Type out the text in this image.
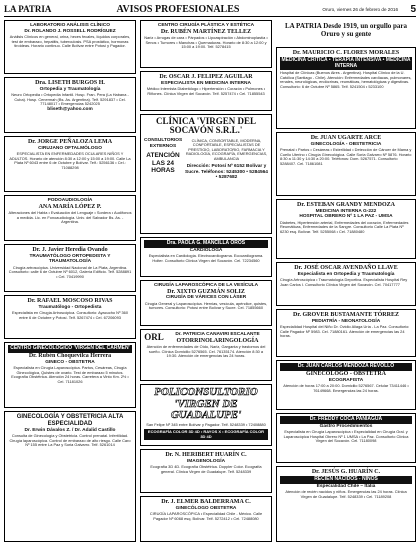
LA PATRIA	AVISOS PROFESIONALES	Oruro, viernes 26 de febrero de 2016	5
LABORATORIO ANÁLISIS CLÍNICO
Dr. ROLANDO J. ROSSELL RODRÍGUEZ
Análisis Clínicos en general, orina, heces fecales, líquidos corporales, test de embarazo, hepatitis, tuberculosis. PSA prostático, hormonas tiroideas. Horario continuo. Calle Bolívar entre Potosí y Pagador.
Dra. LISETH BURGOS H.
Ortopedia y Traumatología
Neuro Ortopedia • Ortopedia Infantil. Hosp. Fran. Pera (La Habana - Cuba). Hosp. Cenermah (Bs. As. Argentina). Telf. 5291837 • Cel. 77148017 • Emergencias 5242025
bliseth@yahoo.com
Dr. JORGE PEÑALOZA LEMA
CIRUJANO OFTALMÓLOGO
ESPECIALISTA EN ENFERMEDADES OCULARES NIÑOS Y ADULTOS. Horario de atención 8:30 a 12:00 y 15:00 a 19:00. Calle La Plata Nº 6043 entre 6 de Octubre y Bolívar. Telf.: 5256136 • Cel.: 71088298
PODOAUDIOLOGÍA
ANA MARÍA LÓPEZ P.
Alteraciones del Habla • Evaluación del Lenguaje • Sordera • Audífonos a medida. Lic. en Fonoaudiología. Univ. del Salvador Bs. As. - Argentina.
Dr. J. Javier Heredia Ovando
TRAUMATÓLOGO ORTOPEDISTA Y TRAUMATOLOGÍA
Cirugía artroscópica. Universidad Nacional de La Plata, Argentina. Consultorio: calle 6 de Octubre Nº 6012, Galería Edificio. Telf. 5288891 • Cel. 70419990
Dr. RAFAEL MOSCOSO RIVAS
Traumatólogo - Ortopedista
Especialista en Cirugía Artroscópica. Consultorio: Ayacucho Nº 360 entre 6 de Octubre y Potosí. Telf. 5267474 • Cel. 67206093
CENTRO GINECOLÓGICO 'VIRGEN DEL CARMEN'
Dr. Rubén Choquevilca Herrera
GINECO - OBSTETRA
Especialista en Cirugía Laparoscópica. Partos, Cesáreas, Cirugía Ginecológica, Quistes de ovario. Test de embarazo 5 minutos. Ecografía Obstétrica. Atención 24 horas. Carretera a Vinto Km. 2½ • Cel. 71181026
GINECOLOGÍA Y OBSTETRICIA ALTA ESPECIALIDAD
Dr. Erwin Dávalos Z. / Dr. Adalid Castillo
Consulta de Ginecología y Obstetricia. Control prenatal. Infertilidad. Cirugía laparoscópica. Control de embarazo de alto riesgo. Calle Caro Nº 155 entre La Paz y Soria Galvarro. Telf. 5261014
CENTRO CIRUGÍA PLÁSTICA Y ESTÉTICA
Dr. RUBÉN MARTÍNEZ TELLEZ
Nariz • Arrugas de cara • Párpados • Lipoaspiración • Abdominoplastía • Senos • Tumores • Manchas • Quemaduras. Horario de 8:30 a 12:00 y 15:00 a 19:00. Telf. 5278415
Dr. OSCAR J. FELIPEZ AGUILAR
ESPECIALISTA EN MEDICINA INTERNA
Médico Internista Diabetólogo • Hipertensión • Corazón • Pulmones • Riñones. Clínica Virgen del Socavón. Telf. 5257474 • Cel. 71855543
CLÍNICA 'VIRGEN DEL SOCAVÓN S.R.L.'
CONSULTORIOS EXTERNOS
ATENCIÓN LAS 24 HORAS
CLÍNICA, CONSORTABLE, MODERNA, CONFORTABLE, ESPECIALISTAS DE PRESTIGIO, LABORATORIO, FARMACIA Y RADIOLOGÍA, ECOGRAFÍA, EMERGENCIAS, AMBULANCIA
Dirección: Potosí Nº 6152 Bolívar y Sucre. Teléfonos: 5245300 • 5284564 • 5287682
Dra. PAOLA G. MANCILLA OROS
CARDIÓLOGA
Especialista en Cardiología. Electrocardiograma. Ecocardiograma. Holter. Consultorio Clínica Virgen del Socavón. Cel. 72234560
CIRUGÍA LAPAROSCÓPICA DE LA VESÍCULA
Dr. XIXTO GUZMÁN SOLIZ
CIRUGÍA DE VÁRICES CON LÁSER
Cirugía General y Laparoscópica. Hernias, vesícula, apéndice, quistes, tumores. Consultorio: Potosí entre Bolívar y Sucre. Cel. 71855660
ORL	Dr. PATRICIA CANAVIRI ESCALANTE
OTORRINOLARINGOLOGÍA
Atención de enfermedades de Oído, Nariz, Garganta y trastornos del sueño. Clínica Domicilio 5276565. Cel. 76135174. Atención 8:30 a 19:30. Atención de emergencias las 24 horas.
POLICONSULTORIO 'VIRGEN DE GUADALUPE'
San Felipe Nº 345 entre Bolívar y Pagador. Telf. 5248339 • 72408880
ECOGRAFÍA COLOR 3D 4D • RAYOS X • ECOGRAFÍA COLOR 3D 4D
Dr. N. HERIBERT HUARÍN C.
IMAGENOLOGÍA
Ecografía 3D 4D. Ecografía Obstétrica. Doppler Color. Ecografía general. Clínica Virgen de Guadalupe. Telf. 5248339
Dr. J. ELMER BALDERRAMA C.
GINECÓLOGO OBSTETRA
CIRUGÍA LAPAROSCÓPICA • Especialidad Chile - México. Calle Pagador Nº 6068 esq. Bolívar. Telf. 5272412 • Cel. 72488080
LA PATRIA Desde 1919, un orgullo para Oruro y su gente
Dr. MAURICIO C. FLORES MORALES
MEDICINA CRÍTICA • TERAPIA INTENSIVA • MEDICINA INTERNA
Hospital de Clínicas (Buenos Aires - Argentina). Hospital Clínico de la U. Católica (Santiago - Chile). Atención: Enfermedades cardíacas, pulmonares, renales, neurológicas, endócrinas, reumáticas, hematológicas y digestivas. Consultorio: 6 de Octubre Nº 5865. Telf. 5241504 • 5233100
Dr. JUAN UGARTE ARCE
GINECOLOGÍA - OBSTETRICIA
Prenatal • Partos • Cesáreas • Esterilidad • Detección de Cáncer de Mama y Cuello Uterino • Cirugía Ginecológica. Calle Soria Galvarro Nº 5876. Horario 8:30 a 11:30 y 14:30 a 20:00. Teléfonos: Dom. 5267571. Consultorio 5288407. Cel. 71861081
Dr. ESTEBAN GRANDY MENDOZA
MEDICINA INTERNA G-222
HOSPITAL OBRERO Nº 1 LA PAZ - UMSA
Diabetes, Hipertensión arterial, Enfermedades del corazón, Enfermedades Reumáticas, Enfermedades de la Sangre. Consultorio Calle La Plata Nº 6230 esq. Bolívar. Telf. 5255068 • Cel. 71880480
Dr. JOSÉ OSCAR AVENDAÑO LLAVE
Especialista en Ortopedia y Traumatología
Cirugía Artroscópica • Traumatología Deportiva. Especialista Hospital Rey Juan Carlos I. Consultorio Clínica Virgen del Socavón. Cel. 70417777
Dr. GROVER BUSTAMANTE TÓRREZ
PEDIATRÍA - NEONATOLOGÍA
Especialidad Hospital del Niño Dr. Ovidio Aliaga Uría - La Paz. Consultorio: Calle Pagador Nº 5983. Cel. 71880161. Atención de emergencias las 24 horas.
Dr. JUAN CARLOS MENDOZA REVOLLO
GINECÓLOGO - OBSTETRA
ECOGRAFISTA
Atención de horas 17:00 a 20:00. Domicilio 5276567. Celular 73411446 • 76149668. Emergencias las 24 horas.
Dr. FREDDY COCA PANIAGUA
Gastro Procedimientos
Especialista en Cirugía Laparoscópica • Especialidad en Cirugía Gral. y Laparoscópica Hospital Obrero Nº 1 UMSA • La Paz. Consultorio Clínica Virgen del Socavón. Cel. 71180098
Dr. JESÚS G. HUARÍN C.
RECIÉN NACIDOS - NIÑOS
Especialidad Chile – Italia
Atención de recién nacidos y niños. Emergencias las 24 horas. Clínica Virgen de Guadalupe. Telf. 5248339 • Cel. 71189208
